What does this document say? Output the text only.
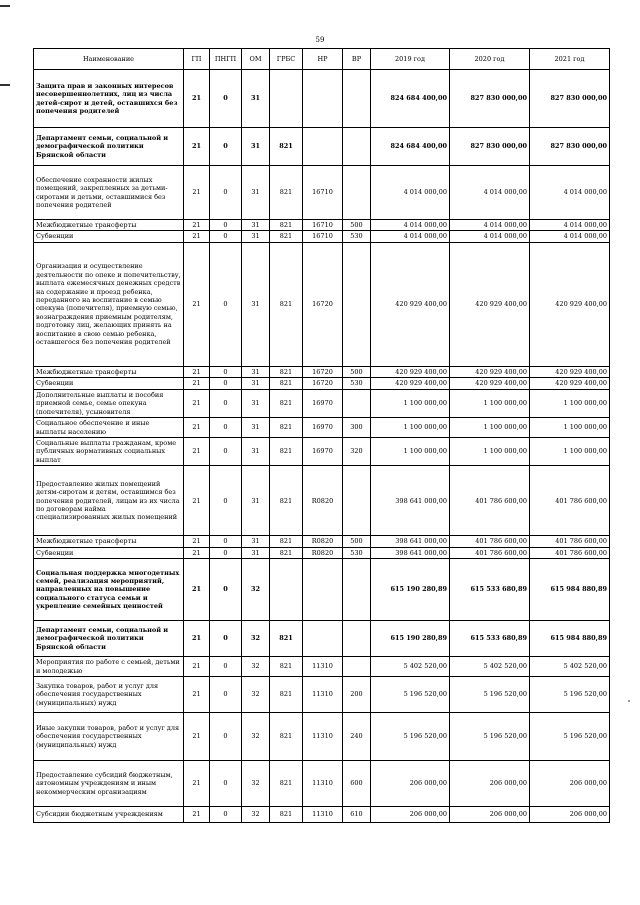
59
Наименование	ГП	ПНГП	ОМ	ГРБС	НР	ВР	2019 год	2020 год	2021 год
Защита прав и законных интересов несовершеннолетних, лиц из числа детей-сирот и детей, оставшихся без попечения родителей	21	0	31				824 684 400,00	827 830 000,00	827 830 000,00
Департамент семьи, социальной и демографической политики Брянской области	21	0	31	821			824 684 400,00	827 830 000,00	827 830 000,00
Обеспечение сохранности жилых помещений, закрепленных за детьми-сиротами и детьми, оставшимися без попечения родителей	21	0	31	821	16710		4 014 000,00	4 014 000,00	4 014 000,00
Межбюджетные трансферты	21	0	31	821	16710	500	4 014 000,00	4 014 000,00	4 014 000,00
Субвенции	21	0	31	821	16710	530	4 014 000,00	4 014 000,00	4 014 000,00
Организация и осуществление деятельности по опеке и попечительству, выплата ежемесячных денежных средств на содержание и проезд ребенка, переданного на воспитание в семью опекуна (попечителя), приемную семью, вознаграждения приемным родителям, подготовку лиц, желающих принять на воспитание в свою семью ребенка, оставшегося без попечения родителей	21	0	31	821	16720		420 929 400,00	420 929 400,00	420 929 400,00
Межбюджетные трансферты	21	0	31	821	16720	500	420 929 400,00	420 929 400,00	420 929 400,00
Субвенции	21	0	31	821	16720	530	420 929 400,00	420 929 400,00	420 929 400,00
Дополнительные выплаты и пособия приемной семье, семье опекуна (попечителя), усыновителя	21	0	31	821	16970		1 100 000,00	1 100 000,00	1 100 000,00
Социальное обеспечение и иные выплаты населению	21	0	31	821	16970	300	1 100 000,00	1 100 000,00	1 100 000,00
Социальные выплаты гражданам, кроме публичных нормативных социальных выплат	21	0	31	821	16970	320	1 100 000,00	1 100 000,00	1 100 000,00
Предоставление жилых помещений детям-сиротам и детям, оставшимся без попечения родителей, лицам из их числа по договорам найма специализированных жилых помещений	21	0	31	821	R0820		398 641 000,00	401 786 600,00	401 786 600,00
Межбюджетные трансферты	21	0	31	821	R0820	500	398 641 000,00	401 786 600,00	401 786 600,00
Субвенции	21	0	31	821	R0820	530	398 641 000,00	401 786 600,00	401 786 600,00
Социальная поддержка многодетных семей, реализация мероприятий, направленных на повышение социального статуса семьи и укрепление семейных ценностей	21	0	32				615 190 280,89	615 533 680,89	615 984 880,89
Департамент семьи, социальной и демографической политики Брянской области	21	0	32	821			615 190 280,89	615 533 680,89	615 984 880,89
Мероприятия по работе с семьей, детьми и молодежью	21	0	32	821	11310		5 402 520,00	5 402 520,00	5 402 520,00
Закупка товаров, работ и услуг для обеспечения государственных (муниципальных) нужд	21	0	32	821	11310	200	5 196 520,00	5 196 520,00	5 196 520,00
Иные закупки товаров, работ и услуг для обеспечения государственных (муниципальных) нужд	21	0	32	821	11310	240	5 196 520,00	5 196 520,00	5 196 520,00
Предоставление субсидий бюджетным, автономным учреждениям и иным некоммерческим организациям	21	0	32	821	11310	600	206 000,00	206 000,00	206 000,00
Субсидии бюджетным учреждениям	21	0	32	821	11310	610	206 000,00	206 000,00	206 000,00
